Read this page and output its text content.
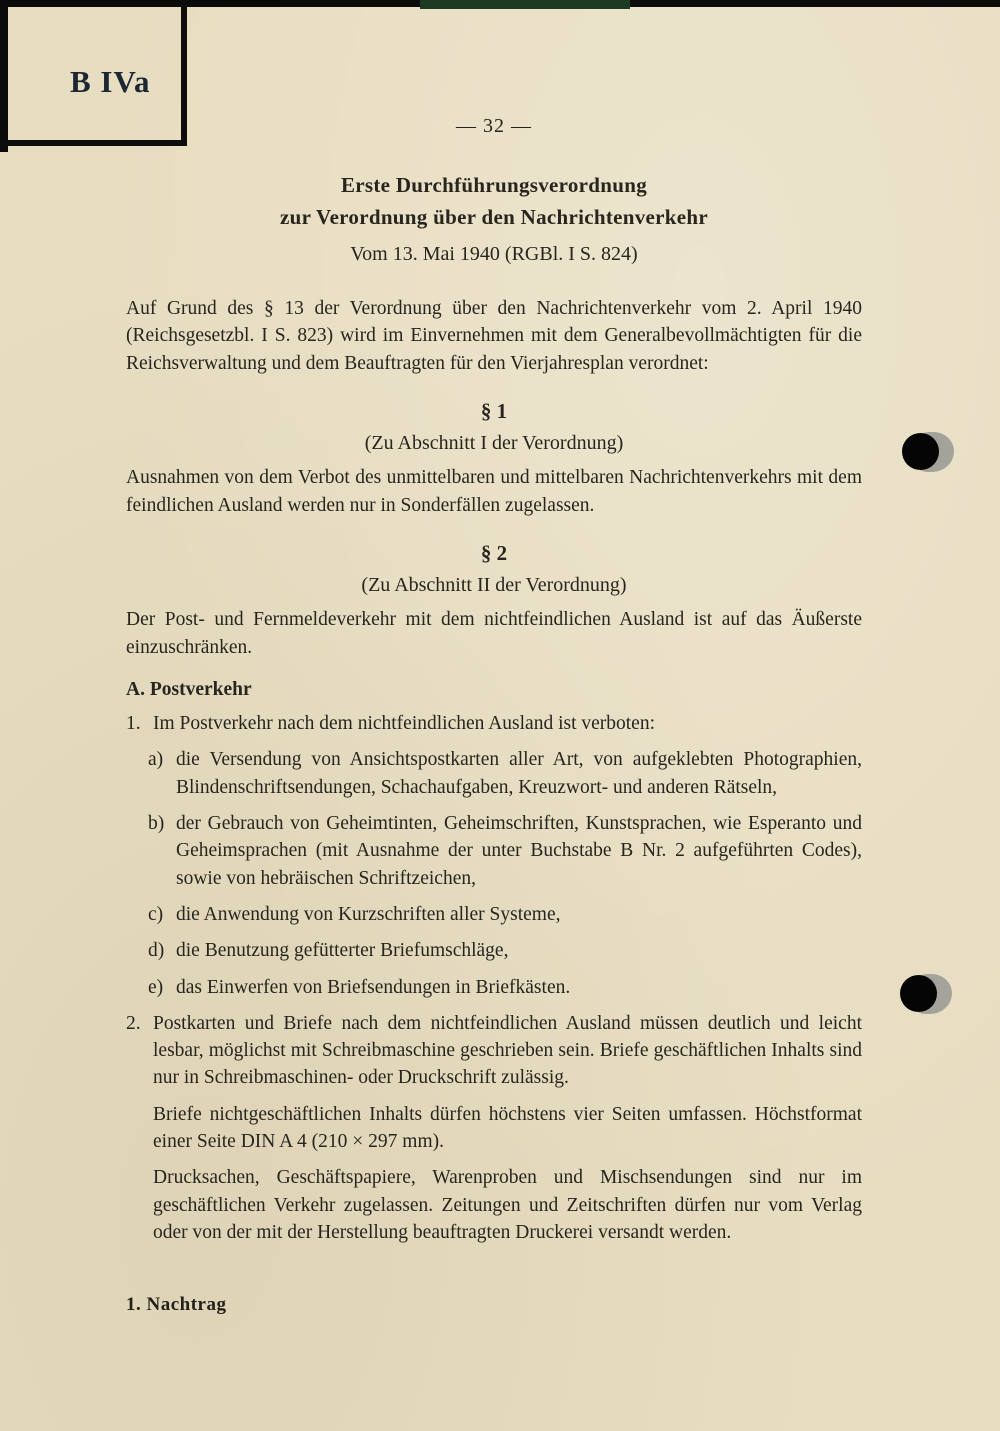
B IVa
— 32 —
Erste Durchführungsverordnung
zur Verordnung über den Nachrichtenverkehr
Vom 13. Mai 1940 (RGBl. I S. 824)

Auf Grund des § 13 der Verordnung über den Nachrichtenverkehr vom 2. April 1940 (Reichsgesetzbl. I S. 823) wird im Einvernehmen mit dem Generalbevollmächtigten für die Reichsverwaltung und dem Beauftragten für den Vierjahresplan verordnet:

§ 1
(Zu Abschnitt I der Verordnung)

Ausnahmen von dem Verbot des unmittelbaren und mittelbaren Nachrichtenverkehrs mit dem feindlichen Ausland werden nur in Sonderfällen zugelassen.

§ 2
(Zu Abschnitt II der Verordnung)

Der Post- und Fernmeldeverkehr mit dem nichtfeindlichen Ausland ist auf das Äußerste einzuschränken.

A. Postverkehr
1. Im Postverkehr nach dem nichtfeindlichen Ausland ist verboten:
a) die Versendung von Ansichtspostkarten aller Art, von aufgeklebten Photographien, Blindenschriftsendungen, Schachaufgaben, Kreuzwort- und anderen Rätseln,
b) der Gebrauch von Geheimtinten, Geheimschriften, Kunstsprachen, wie Esperanto und Geheimsprachen (mit Ausnahme der unter Buchstabe B Nr. 2 aufgeführten Codes), sowie von hebräischen Schriftzeichen,
c) die Anwendung von Kurzschriften aller Systeme,
d) die Benutzung gefütterter Briefumschläge,
e) das Einwerfen von Briefsendungen in Briefkästen.
2. Postkarten und Briefe nach dem nichtfeindlichen Ausland müssen deutlich und leicht lesbar, möglichst mit Schreibmaschine geschrieben sein. Briefe geschäftlichen Inhalts sind nur in Schreibmaschinen- oder Druckschrift zulässig.

Briefe nichtgeschäftlichen Inhalts dürfen höchstens vier Seiten umfassen. Höchstformat einer Seite DIN A 4 (210 × 297 mm).

Drucksachen, Geschäftspapiere, Warenproben und Mischsendungen sind nur im geschäftlichen Verkehr zugelassen. Zeitungen und Zeitschriften dürfen nur vom Verlag oder von der mit der Herstellung beauftragten Druckerei versandt werden.

1. Nachtrag
